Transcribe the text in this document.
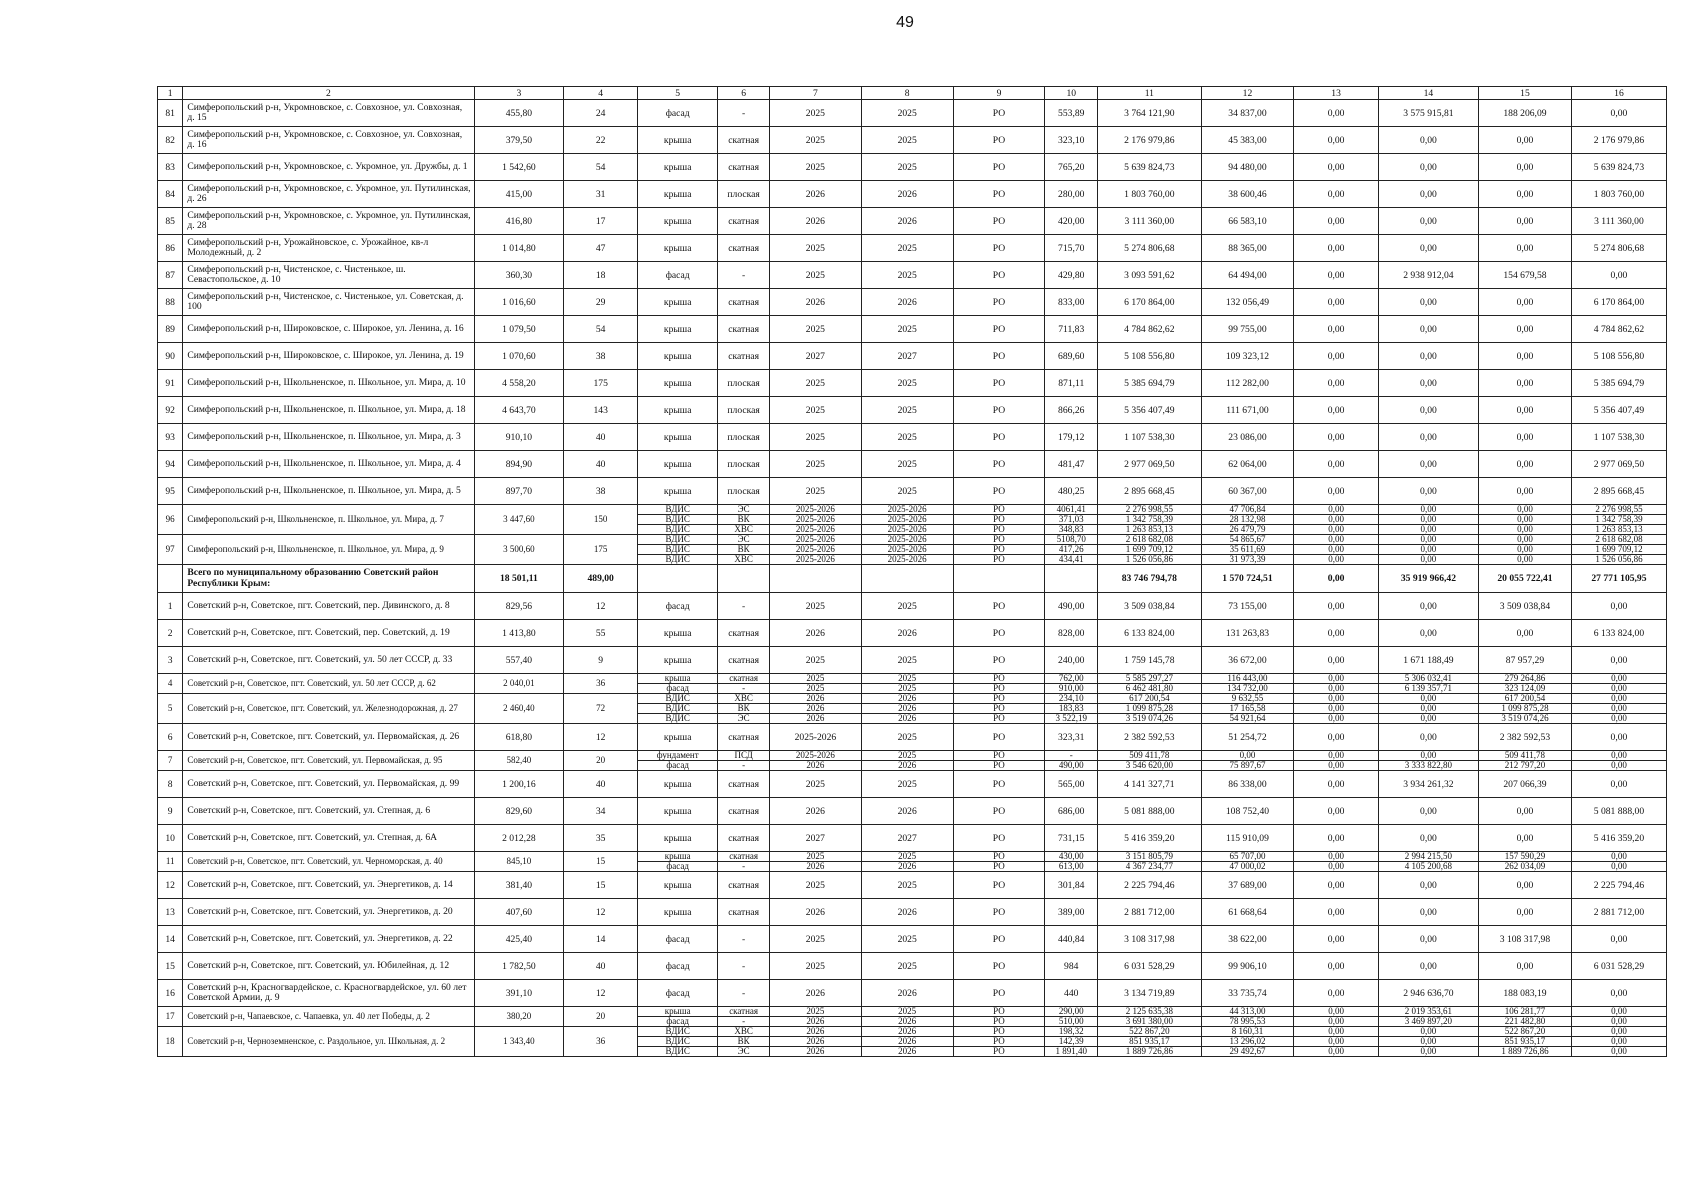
49
1	2	3	4	5	6	7	8	9	10	11	12	13	14	15	16
81	Симферопольский р-н, Укромновское, с. Совхозное, ул. Совхозная, д. 15	455,80	24	фасад	-	2025	2025	РО	553,89	3 764 121,90	34 837,00	0,00	3 575 915,81	188 206,09	0,00
82	Симферопольский р-н, Укромновское, с. Совхозное, ул. Совхозная, д. 16	379,50	22	крыша	скатная	2025	2025	РО	323,10	2 176 979,86	45 383,00	0,00	0,00	0,00	2 176 979,86
83	Симферопольский р-н, Укромновское, с. Укромное, ул. Дружбы, д. 1	1 542,60	54	крыша	скатная	2025	2025	РО	765,20	5 639 824,73	94 480,00	0,00	0,00	0,00	5 639 824,73
84	Симферопольский р-н, Укромновское, с. Укромное, ул. Путилинская, д. 26	415,00	31	крыша	плоская	2026	2026	РО	280,00	1 803 760,00	38 600,46	0,00	0,00	0,00	1 803 760,00
85	Симферопольский р-н, Укромновское, с. Укромное, ул. Путилинская, д. 28	416,80	17	крыша	скатная	2026	2026	РО	420,00	3 111 360,00	66 583,10	0,00	0,00	0,00	3 111 360,00
86	Симферопольский р-н, Урожайновское, с. Урожайное, кв-л Молодежный, д. 2	1 014,80	47	крыша	скатная	2025	2025	РО	715,70	5 274 806,68	88 365,00	0,00	0,00	0,00	5 274 806,68
87	Симферопольский р-н, Чистенское, с. Чистенькое, ш. Севастопольское, д. 10	360,30	18	фасад	-	2025	2025	РО	429,80	3 093 591,62	64 494,00	0,00	2 938 912,04	154 679,58	0,00
88	Симферопольский р-н, Чистенское, с. Чистенькое, ул. Советская, д. 100	1 016,60	29	крыша	скатная	2026	2026	РО	833,00	6 170 864,00	132 056,49	0,00	0,00	0,00	6 170 864,00
89	Симферопольский р-н, Широковское, с. Широкое, ул. Ленина, д. 16	1 079,50	54	крыша	скатная	2025	2025	РО	711,83	4 784 862,62	99 755,00	0,00	0,00	0,00	4 784 862,62
90	Симферопольский р-н, Широковское, с. Широкое, ул. Ленина, д. 19	1 070,60	38	крыша	скатная	2027	2027	РО	689,60	5 108 556,80	109 323,12	0,00	0,00	0,00	5 108 556,80
91	Симферопольский р-н, Школьненское, п. Школьное, ул. Мира, д. 10	4 558,20	175	крыша	плоская	2025	2025	РО	871,11	5 385 694,79	112 282,00	0,00	0,00	0,00	5 385 694,79
92	Симферопольский р-н, Школьненское, п. Школьное, ул. Мира, д. 18	4 643,70	143	крыша	плоская	2025	2025	РО	866,26	5 356 407,49	111 671,00	0,00	0,00	0,00	5 356 407,49
93	Симферопольский р-н, Школьненское, п. Школьное, ул. Мира, д. 3	910,10	40	крыша	плоская	2025	2025	РО	179,12	1 107 538,30	23 086,00	0,00	0,00	0,00	1 107 538,30
94	Симферопольский р-н, Школьненское, п. Школьное, ул. Мира, д. 4	894,90	40	крыша	плоская	2025	2025	РО	481,47	2 977 069,50	62 064,00	0,00	0,00	0,00	2 977 069,50
95	Симферопольский р-н, Школьненское, п. Школьное, ул. Мира, д. 5	897,70	38	крыша	плоская	2025	2025	РО	480,25	2 895 668,45	60 367,00	0,00	0,00	0,00	2 895 668,45
96	Симферопольский р-н, Школьненское, п. Школьное, ул. Мира, д. 7	3 447,60	150	ВДИС	ЭС	2025-2026	2025-2026	РО	4061,41	2 276 998,55	47 706,84	0,00	0,00	0,00	2 276 998,55
				ВДИС	ВК	2025-2026	2025-2026	РО	371,03	1 342 758,39	28 132,98	0,00	0,00	0,00	1 342 758,39
				ВДИС	ХВС	2025-2026	2025-2026	РО	348,83	1 263 853,13	26 479,79	0,00	0,00	0,00	1 263 853,13
97	Симферопольский р-н, Школьненское, п. Школьное, ул. Мира, д. 9	3 500,60	175	ВДИС	ЭС	2025-2026	2025-2026	РО	5108,70	2 618 682,08	54 865,67	0,00	0,00	0,00	2 618 682,08
				ВДИС	ВК	2025-2026	2025-2026	РО	417,26	1 699 709,12	35 611,69	0,00	0,00	0,00	1 699 709,12
				ВДИС	ХВС	2025-2026	2025-2026	РО	434,41	1 526 056,86	31 973,39	0,00	0,00	0,00	1 526 056,86
	Всего по муниципальному образованию Советский район Республики Крым:	18 501,11	489,00							83 746 794,78	1 570 724,51	0,00	35 919 966,42	20 055 722,41	27 771 105,95
1	Советский р-н, Советское, пгт. Советский, пер. Дивинского, д. 8	829,56	12	фасад	-	2025	2025	РО	490,00	3 509 038,84	73 155,00	0,00	0,00	3 509 038,84	0,00
2	Советский р-н, Советское, пгт. Советский, пер. Советский, д. 19	1 413,80	55	крыша	скатная	2026	2026	РО	828,00	6 133 824,00	131 263,83	0,00	0,00	0,00	6 133 824,00
3	Советский р-н, Советское, пгт. Советский, ул. 50 лет СССР, д. 33	557,40	9	крыша	скатная	2025	2025	РО	240,00	1 759 145,78	36 672,00	0,00	1 671 188,49	87 957,29	0,00
4	Советский р-н, Советское, пгт. Советский, ул. 50 лет СССР, д. 62	2 040,01	36	крыша	скатная	2025	2025	РО	762,00	5 585 297,27	116 443,00	0,00	5 306 032,41	279 264,86	0,00
				фасад	-	2025	2025	РО	910,00	6 462 481,80	134 732,00	0,00	6 139 357,71	323 124,09	0,00
5	Советский р-н, Советское, пгт. Советский, ул. Железнодорожная, д. 27	2 460,40	72	ВДИС	ХВС	2026	2026	РО	234,10	617 200,54	9 632,55	0,00	0,00	617 200,54	0,00
				ВДИС	ВК	2026	2026	РО	183,83	1 099 875,28	17 165,58	0,00	0,00	1 099 875,28	0,00
				ВДИС	ЭС	2026	2026	РО	3 522,19	3 519 074,26	54 921,64	0,00	0,00	3 519 074,26	0,00
6	Советский р-н, Советское, пгт. Советский, ул. Первомайская, д. 26	618,80	12	крыша	скатная	2025-2026	2025	РО	323,31	2 382 592,53	51 254,72	0,00	0,00	2 382 592,53	0,00
7	Советский р-н, Советское, пгт. Советский, ул. Первомайская, д. 95	582,40	20	фундамент	ПСД	2025-2026	2025	РО	-	509 411,78	0,00	0,00	0,00	509 411,78	0,00
				фасад	-	2026	2026	РО	490,00	3 546 620,00	75 897,67	0,00	3 333 822,80	212 797,20	0,00
8	Советский р-н, Советское, пгт. Советский, ул. Первомайская, д. 99	1 200,16	40	крыша	скатная	2025	2025	РО	565,00	4 141 327,71	86 338,00	0,00	3 934 261,32	207 066,39	0,00
9	Советский р-н, Советское, пгт. Советский, ул. Степная, д. 6	829,60	34	крыша	скатная	2026	2026	РО	686,00	5 081 888,00	108 752,40	0,00	0,00	0,00	5 081 888,00
10	Советский р-н, Советское, пгт. Советский, ул. Степная, д. 6А	2 012,28	35	крыша	скатная	2027	2027	РО	731,15	5 416 359,20	115 910,09	0,00	0,00	0,00	5 416 359,20
11	Советский р-н, Советское, пгт. Советский, ул. Черноморская, д. 40	845,10	15	крыша	скатная	2025	2025	РО	430,00	3 151 805,79	65 707,00	0,00	2 994 215,50	157 590,29	0,00
				фасад	-	2026	2026	РО	613,00	4 367 234,77	47 000,02	0,00	4 105 200,68	262 034,09	0,00
12	Советский р-н, Советское, пгт. Советский, ул. Энергетиков, д. 14	381,40	15	крыша	скатная	2025	2025	РО	301,84	2 225 794,46	37 689,00	0,00	0,00	0,00	2 225 794,46
13	Советский р-н, Советское, пгт. Советский, ул. Энергетиков, д. 20	407,60	12	крыша	скатная	2026	2026	РО	389,00	2 881 712,00	61 668,64	0,00	0,00	0,00	2 881 712,00
14	Советский р-н, Советское, пгт. Советский, ул. Энергетиков, д. 22	425,40	14	фасад	-	2025	2025	РО	440,84	3 108 317,98	38 622,00	0,00	0,00	3 108 317,98	0,00
15	Советский р-н, Советское, пгт. Советский, ул. Юбилейная, д. 12	1 782,50	40	фасад	-	2025	2025	РО	984	6 031 528,29	99 906,10	0,00	0,00	0,00	6 031 528,29
16	Советский р-н, Красногвардейское, с. Красногвардейское, ул. 60 лет Советской Армии, д. 9	391,10	12	фасад	-	2026	2026	РО	440	3 134 719,89	33 735,74	0,00	2 946 636,70	188 083,19	0,00
17	Советский р-н, Чапаевское, с. Чапаевка, ул. 40 лет Победы, д. 2	380,20	20	крыша	скатная	2025	2025	РО	290,00	2 125 635,38	44 313,00	0,00	2 019 353,61	106 281,77	0,00
				фасад	-	2026	2026	РО	510,00	3 691 380,00	78 995,53	0,00	3 469 897,20	221 482,80	0,00
18	Советский р-н, Черноземненское, с. Раздольное, ул. Школьная, д. 2	1 343,40	36	ВДИС	ХВС	2026	2026	РО	198,32	522 867,20	8 160,31	0,00	0,00	522 867,20	0,00
				ВДИС	ВК	2026	2026	РО	142,39	851 935,17	13 296,02	0,00	0,00	851 935,17	0,00
				ВДИС	ЭС	2026	2026	РО	1 891,40	1 889 726,86	29 492,67	0,00	0,00	1 889 726,86	0,00
